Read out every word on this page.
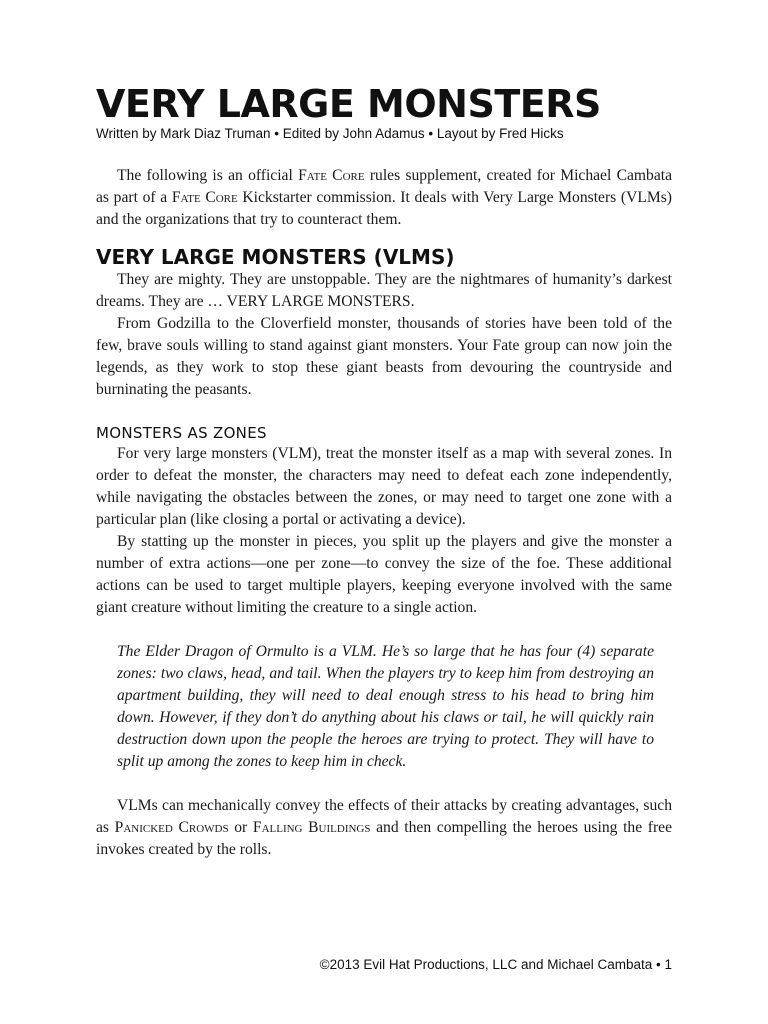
VERY LARGE MONSTERS
Written by Mark Diaz Truman • Edited by John Adamus • Layout by Fred Hicks

The following is an official Fate Core rules supplement, created for Michael Cambata as part of a Fate Core Kickstarter commission. It deals with Very Large Monsters (VLMs) and the organizations that try to counteract them.

VERY LARGE MONSTERS (VLMS)

They are mighty. They are unstoppable. They are the nightmares of humanity’s darkest dreams. They are … VERY LARGE MONSTERS.

From Godzilla to the Cloverfield monster, thousands of stories have been told of the few, brave souls willing to stand against giant monsters. Your Fate group can now join the legends, as they work to stop these giant beasts from devouring the countryside and burninating the peasants.

MONSTERS AS ZONES

For very large monsters (VLM), treat the monster itself as a map with several zones. In order to defeat the monster, the characters may need to defeat each zone independently, while navigating the obstacles between the zones, or may need to target one zone with a particular plan (like closing a portal or activating a device).

By statting up the monster in pieces, you split up the players and give the monster a number of extra actions—one per zone—to convey the size of the foe. These additional actions can be used to target multiple players, keeping everyone involved with the same giant creature without limiting the creature to a single action.

The Elder Dragon of Ormulto is a VLM. He’s so large that he has four (4) separate zones: two claws, head, and tail. When the players try to keep him from destroying an apartment building, they will need to deal enough stress to his head to bring him down. However, if they don’t do anything about his claws or tail, he will quickly rain destruction down upon the people the heroes are trying to protect. They will have to split up among the zones to keep him in check.

VLMs can mechanically convey the effects of their attacks by creating advantages, such as Panicked Crowds or Falling Buildings and then compelling the heroes using the free invokes created by the rolls.

©2013 Evil Hat Productions, LLC and Michael Cambata • 1
